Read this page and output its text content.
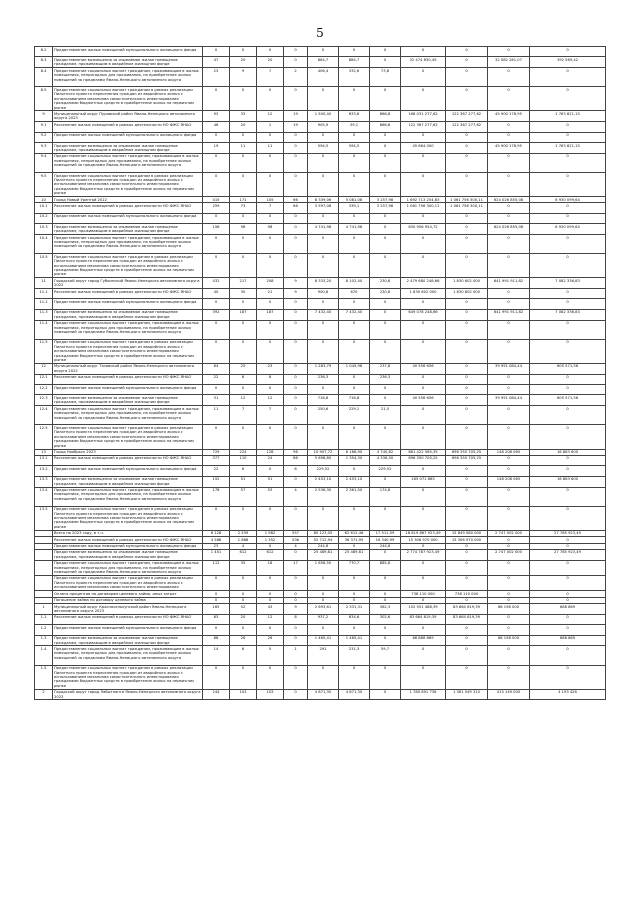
5
8.2	Предоставление жилых помещений муниципального жилищного фонда	0	0	0	0	0	0	0	0	0	0	0
8.3	Предоставление возмещения за изымаемое жилое помещение гражданам, проживающим в аварийном жилищном фонде	47	20	20	0	884,7	884,7	0	32 474 830,49	0	32 082 261,07	392 569,42
8.4	Предоставление социальных выплат гражданам, проживающим в жилых помещениях, непригодных для проживания, на приобретение жилых помещений за пределами Ямало-Ненецкого автономного округа	23	9	7	2	406,4	332,6	73,8	0	0	0	0
8.5	Предоставление социальных выплат гражданам в рамках реализации Пилотного проекта переселения граждан из аварийного жилья с использованием механизма самостоятельного инвестирования гражданами бюджетных средств в приобретение жилья на первичном рынке	0	0	0	0	0	0	0	0	0	0	0
9	Муниципальный округ Пуровский район Ямало-Ненецкого автономного округа 2023	93	33	12	19	1 500,40	633,6	866,8	168 031 277,62	122 367 277,62	45 900 178,95	1 763 821,15
9.1	Расселение жилых помещений в рамках деятельности НО ФЖС ЯНАО	46	20	1	19	905,9	39,1	866,8	122 367 277,62	122 367 277,62	0	0
9.2	Предоставление жилых помещений муниципального жилищного фонда	0	0	0	0	0	0	0	0	0	0	0
9.3	Предоставление возмещения за изымаемое жилое помещение гражданам, проживающим в аварийном жилищном фонде	19	11	11	0	594,5	594,5	0	45 664 000	0	45 900 178,95	1 763 821,15
9.4	Предоставление социальных выплат гражданам, проживающим в жилых помещениях, непригодных для проживания, на приобретение жилых помещений за пределами Ямало-Ненецкого автономного округа	0	0	0	0	0	0	0	0	0	0	0
9.5	Предоставление социальных выплат гражданам в рамках реализации Пилотного проекта переселения граждан из аварийного жилья с использованием механизма самостоятельного инвестирования гражданами бюджетных средств в приобретение жилья на первичном рынке	0	0	0	0	0	0	0	0	0	0	0
10	Город Новый Уренгой 2022	415	171	105	66	8 339,06	5 081,08	3 257,98	1 692 713 254,83	1 061 756 300,11	624 026 855,08	6 930 099,64
10.1	Расселение жилых помещений в рамках деятельности НО ФЖС ЯНАО	259	73	7	66	3 597,08	339,1	3 257,98	1 061 756 300,11	1 061 756 300,11	0	0
10.2	Предоставление жилых помещений муниципального жилищного фонда	0	0	0	0	0	0	0	0	0	0	0
10.3	Предоставление возмещения за изымаемое жилое помещение гражданам, проживающим в аварийном жилищном фонде	156	98	98	0	4 741,98	4 741,98	0	630 956 954,72	0	624 026 855,08	6 930 099,64
10.4	Предоставление социальных выплат гражданам, проживающим в жилых помещениях, непригодных для проживания, на приобретение жилых помещений за пределами Ямало-Ненецкого автономного округа	0	0	0	0	0	0	0	0	0	0	0
10.5	Предоставление социальных выплат гражданам в рамках реализации Пилотного проекта переселения граждан из аварийного жилья с использованием механизма самостоятельного инвестирования гражданами бюджетных средств в приобретение жилья на первичном рынке	0	0	0	0	0	0	0	0	0	0	0
11	Городской округ город Губкинский Ямало-Ненецкого автономного округа 2022	432	217	208	9	8 333,20	8 102,40	230,8	2 479 680 248,66	1 830 602 000	641 991 911,82	7 082 336,83
11.1	Расселение жилых помещений в рамках деятельности НО ФЖС ЯНАО	40	30	21	9	900,8	670	230,8	1 830 602 000	1 830 602 000	0	0
11.2	Предоставление жилых помещений муниципального жилищного фонда	0	0	0	0	0	0	0	0	0	0	0
11.3	Предоставление возмещения за изымаемое жилое помещение гражданам, проживающим в аварийном жилищном фонде	392	187	187	0	7 432,40	7 432,40	0	649 078 248,66	0	641 991 911,82	7 082 336,83
11.4	Предоставление социальных выплат гражданам, проживающим в жилых помещениях, непригодных для проживания, на приобретение жилых помещений за пределами Ямало-Ненецкого автономного округа	0	0	0	0	0	0	0	0	0	0	0
11.5	Предоставление социальных выплат гражданам в рамках реализации Пилотного проекта переселения граждан из аварийного жилья с использованием механизма самостоятельного инвестирования гражданами бюджетных средств в приобретение жилья на первичном рынке	0	0	0	0	0	0	0	0	0	0	0
12	Муниципальный округ Тазовский район Ямало-Ненецкого автономного округа 2022	64	25	23	0	1 283,79	1 045,98	237,8	40 556 656	0	39 951 084,44	605 571,56
12.1	Расселение жилых помещений в рамках деятельности НО ФЖС ЯНАО	22	6	6	0	236,3	0	236,3	0	0	0	0
12.2	Предоставление жилых помещений муниципального жилищного фонда	0	0	0	0	0	0	0	0	0	0	0
12.3	Предоставление возмещения за изымаемое жилое помещение гражданам, проживающим в аварийном жилищном фонде	31	12	12	0	716,8	716,8	0	40 556 656	0	39 951 084,44	605 571,56
12.4	Предоставление социальных выплат гражданам, проживающим в жилых помещениях, непригодных для проживания, на приобретение жилых помещений за пределами Ямало-Ненецкого автономного округа	11	7	7	0	250,6	229,1	21,5	0	0	0	0
12.5	Предоставление социальных выплат гражданам в рамках реализации Пилотного проекта переселения граждан из аварийного жилья с использованием механизма самостоятельного инвестирования гражданами бюджетных средств в приобретение жилья на первичном рынке	0	0	0	0	0	0	0	0	0	0	0
13	Город Ноябрьск 2023	729	224	128	96	10 907,72	6 166,90	4 740,82	861 422 565,35	696 350 705,25	148 208 065	16 863 600
13.1	Расселение жилых помещений в рамках деятельности НО ФЖС ЯНАО	377	110	24	86	5 698,80	1 354,30	4 336,50	696 350 705,25	696 350 705,25	0	0
13.2	Предоставление жилых помещений муниципального жилищного фонда	22	6	0	6	229,52	0	229,52	0	0	0	0
13.3	Предоставление возмещения за изымаемое жилое помещение гражданам, проживающим в аварийном жилищном фонде	152	51	51	0	2 453,10	2 453,10	0	165 071 865	0	148 208 065	16 863 600
13.4	Предоставление социальных выплат гражданам, проживающим в жилых помещениях, непригодных для проживания, на приобретение жилых помещений за пределами Ямало-Ненецкого автономного округа	178	57	53	4	2 536,30	2 361,50	174,8	0	0	0	0
13.5	Предоставление социальных выплат гражданам в рамках реализации Пилотного проекта переселения граждан из аварийного жилья с использованием механизма самостоятельного инвестирования гражданами бюджетных средств в приобретение жилья на первичном рынке	0	0	0	0	0	0	0	0	0	0	0
	Всего по 2023 году, в т.ч.	6 128	2 539	1 982	557	80 123,05	62 612,46	17 511,59	18 819 867 923,49	15 849 080 000	2 747 002 000	27 785 923,49
	Расселение жилых помещений в рамках деятельности НО ФЖС ЯНАО	4 588	1 888	1 352	536	52 712,94	36 371,95	16 340,99	15 306 970 000	15 306 970 000	0	0
	Предоставление жилых помещений муниципального жилищного фонда	23	4	0	4	244,8	0	244,8	0	0	0	0
	Предоставление возмещения за изымаемое жилое помещение гражданам, проживающим в аварийном жилищном фонде	1 451	612	612	0	25 489,81	25 489,81	0	2 774 787 923,49	0	2 747 002 000	27 785 923,49
	Предоставление социальных выплат гражданам, проживающим в жилых помещениях, непригодных для проживания, на приобретение жилых помещений за пределами Ямало-Ненецкого автономного округа	112	35	18	17	1 656,50	770,7	885,8	0	0	0	0
	Предоставление социальных выплат гражданам в рамках реализации Пилотного проекта переселения граждан из аварийного жилья с использованием механизма самостоятельного инвестирования	0	0	0	0	0	0	0	0	0	0	0
	Оплата процентов по договорам целевого займа, иных затрат	0	0	0	0	0	0	0	738 110 000	738 110 000	0	0
	Погашение займа по договору целевого займа	0	0	0	0	0	0	0	0	0	0	0
1	Муниципальный округ Красноселькупский район Ямало-Ненецкого автономного округа 2023	165	52	43	9	2 693,61	2 331,31	362,3	152 551 488,39	83 664 619,39	68 198 000	688 869
1.1	Расселение жилых помещений в рамках деятельности НО ФЖС ЯНАО	63	20	12	8	937,2	634,6	302,6	83 664 619,39	83 664 619,39	0	0
1.2	Предоставление жилых помещений муниципального жилищного фонда	0	0	0	0	0	0	0	0	0	0	0
1.3	Предоставление возмещения за изымаемое жилое помещение гражданам, проживающим в аварийном жилищном фонде	88	26	26	0	1 465,41	1 465,41	0	68 886 869	0	68 198 000	688 869
1.4	Предоставление социальных выплат гражданам, проживающим в жилых помещениях, непригодных для проживания, на приобретение жилых помещений за пределами Ямало-Ненецкого автономного округа	14	6	5	1	291	231,3	59,7	0	0	0	0
1.5	Предоставление социальных выплат гражданам в рамках реализации Пилотного проекта переселения граждан из аварийного жилья с использованием механизма самостоятельного инвестирования гражданами бюджетных средств в приобретение жилья на первичном рынке	0	0	0	0	0	0	0	0	0	0	0
2	Городской округ город Лабытнанги Ямало-Ненецкого автономного округа 2023	244	103	103	0	4 671,30	4 671,30	0	1 780 891 736	1 361 549 310	415 149 000	4 193 426
